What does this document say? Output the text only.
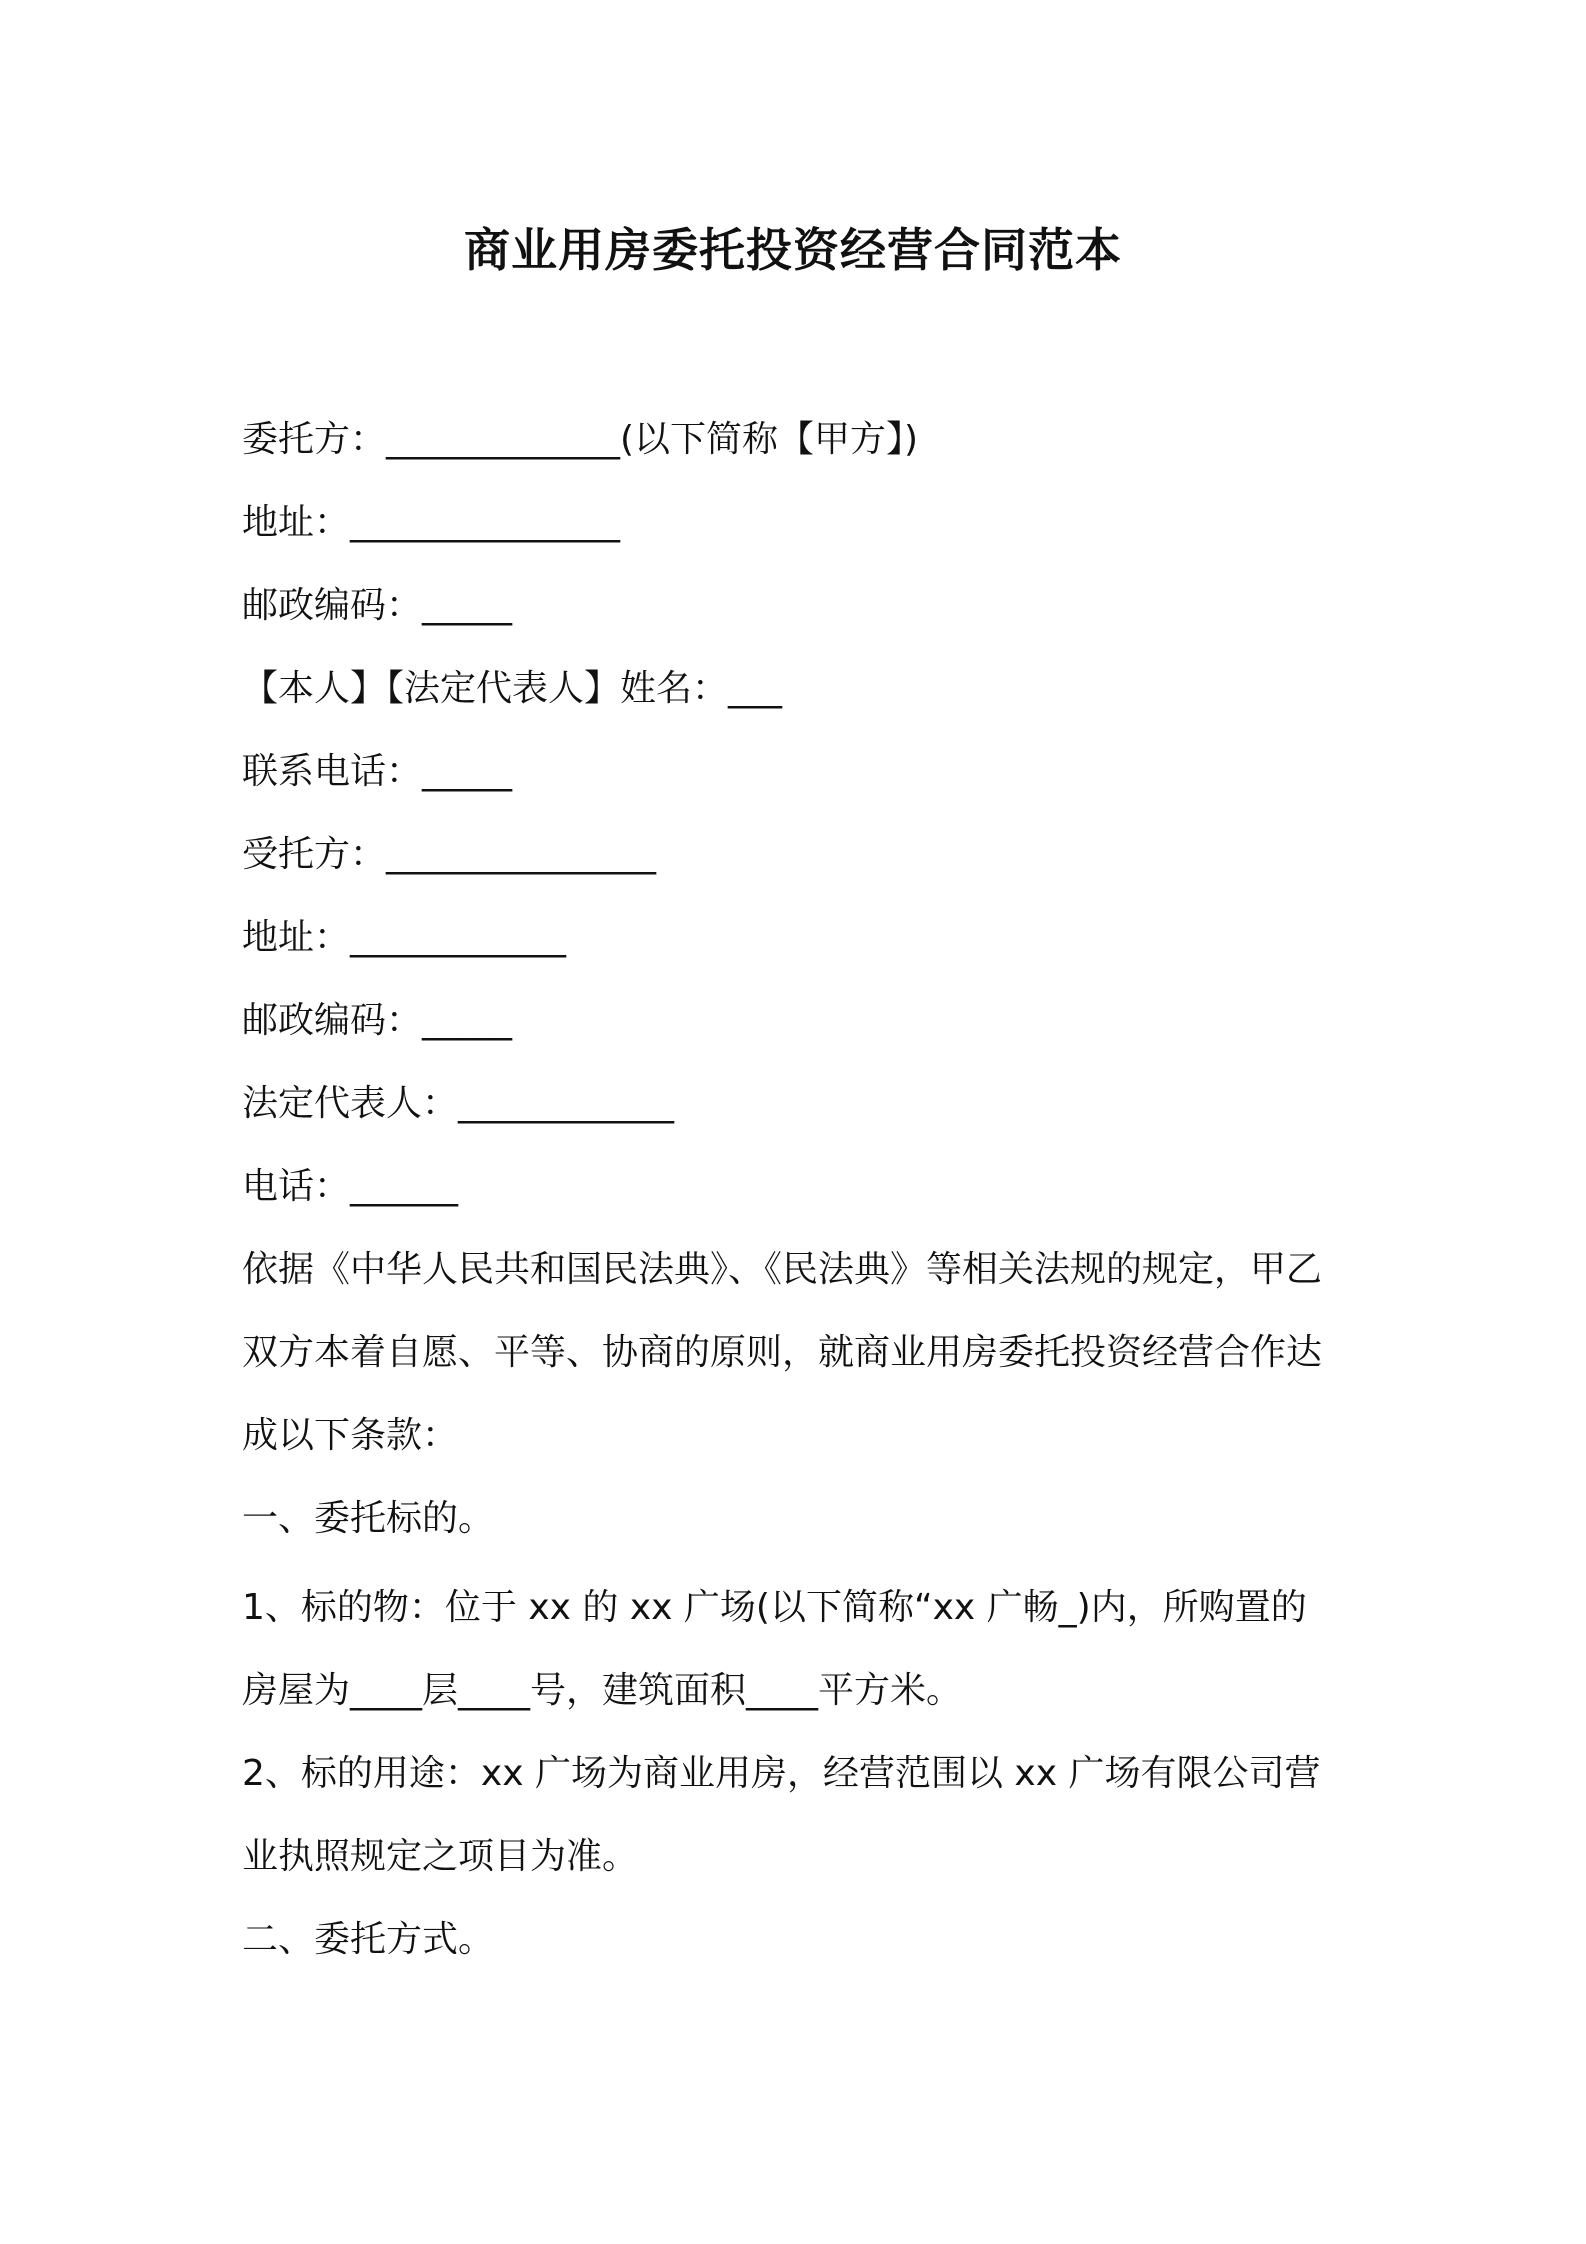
商业用房委托投资经营合同范本
委托方：_____________(以下简称【甲方】)
地址：_______________
邮政编码：_____
【本人】【法定代表人】姓名：___
联系电话：_____
受托方：_______________
地址：____________
邮政编码：_____
法定代表人：____________
电话：______
依据《中华人民共和国民法典》、《民法典》等相关法规的规定，甲乙
双方本着自愿、平等、协商的原则，就商业用房委托投资经营合作达
成以下条款：
一、委托标的。
1、标的物：位于 xx 的 xx 广场(以下简称“xx 广畅_)内，所购置的
房屋为____层____号，建筑面积____平方米。
2、标的用途：xx 广场为商业用房，经营范围以 xx 广场有限公司营
业执照规定之项目为准。
二、委托方式。
